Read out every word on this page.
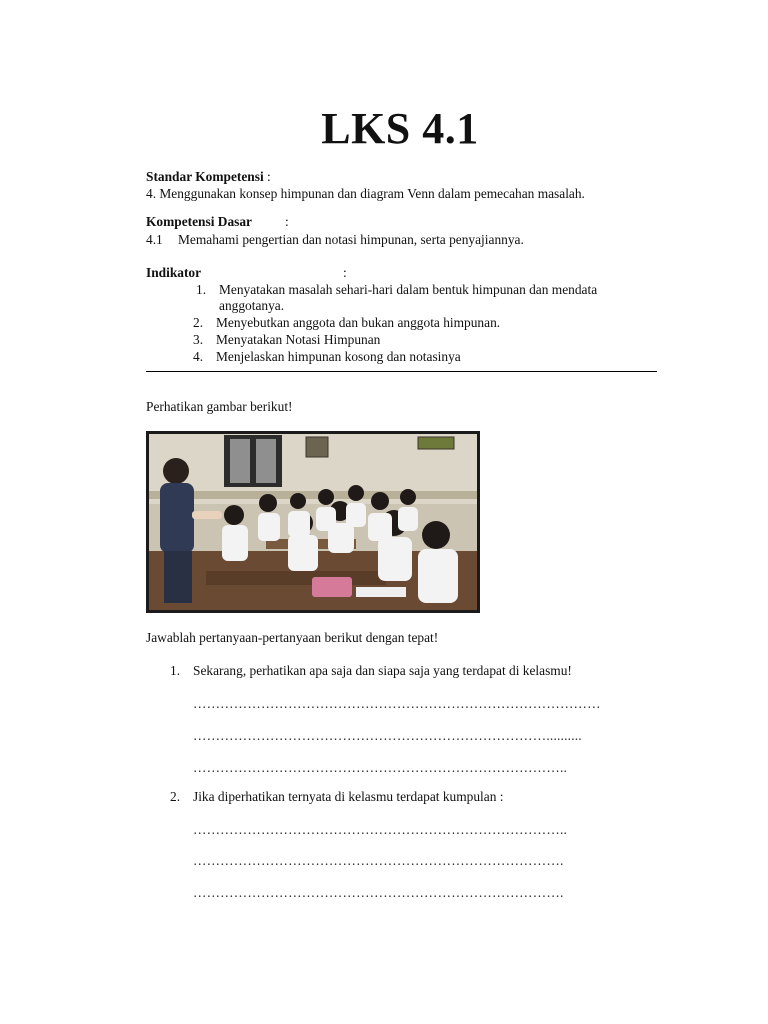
LKS 4.1
Standar Kompetensi :
4. Menggunakan konsep himpunan dan diagram Venn dalam pemecahan masalah.
Kompetensi Dasar :
4.1 Memahami pengertian dan notasi himpunan, serta penyajiannya.
Indikator	:
1. Menyatakan masalah sehari-hari dalam bentuk himpunan dan mendata
anggotanya.
2. Menyebutkan anggota dan bukan anggota himpunan.
3. Menyatakan Notasi Himpunan
4. Menjelaskan himpunan kosong dan notasinya
Perhatikan gambar berikut!
Jawablah pertanyaan-pertanyaan berikut dengan tepat!
1. Sekarang, perhatikan apa saja dan siapa saja yang terdapat di kelasmu!
………………………………………………………………………………
……………………………………………………………………..........
………………………………………………………………………..
2. Jika diperhatikan ternyata di kelasmu terdapat kumpulan :
………………………………………………………………………..
……………………………………………………………………….
……………………………………………………………………….
